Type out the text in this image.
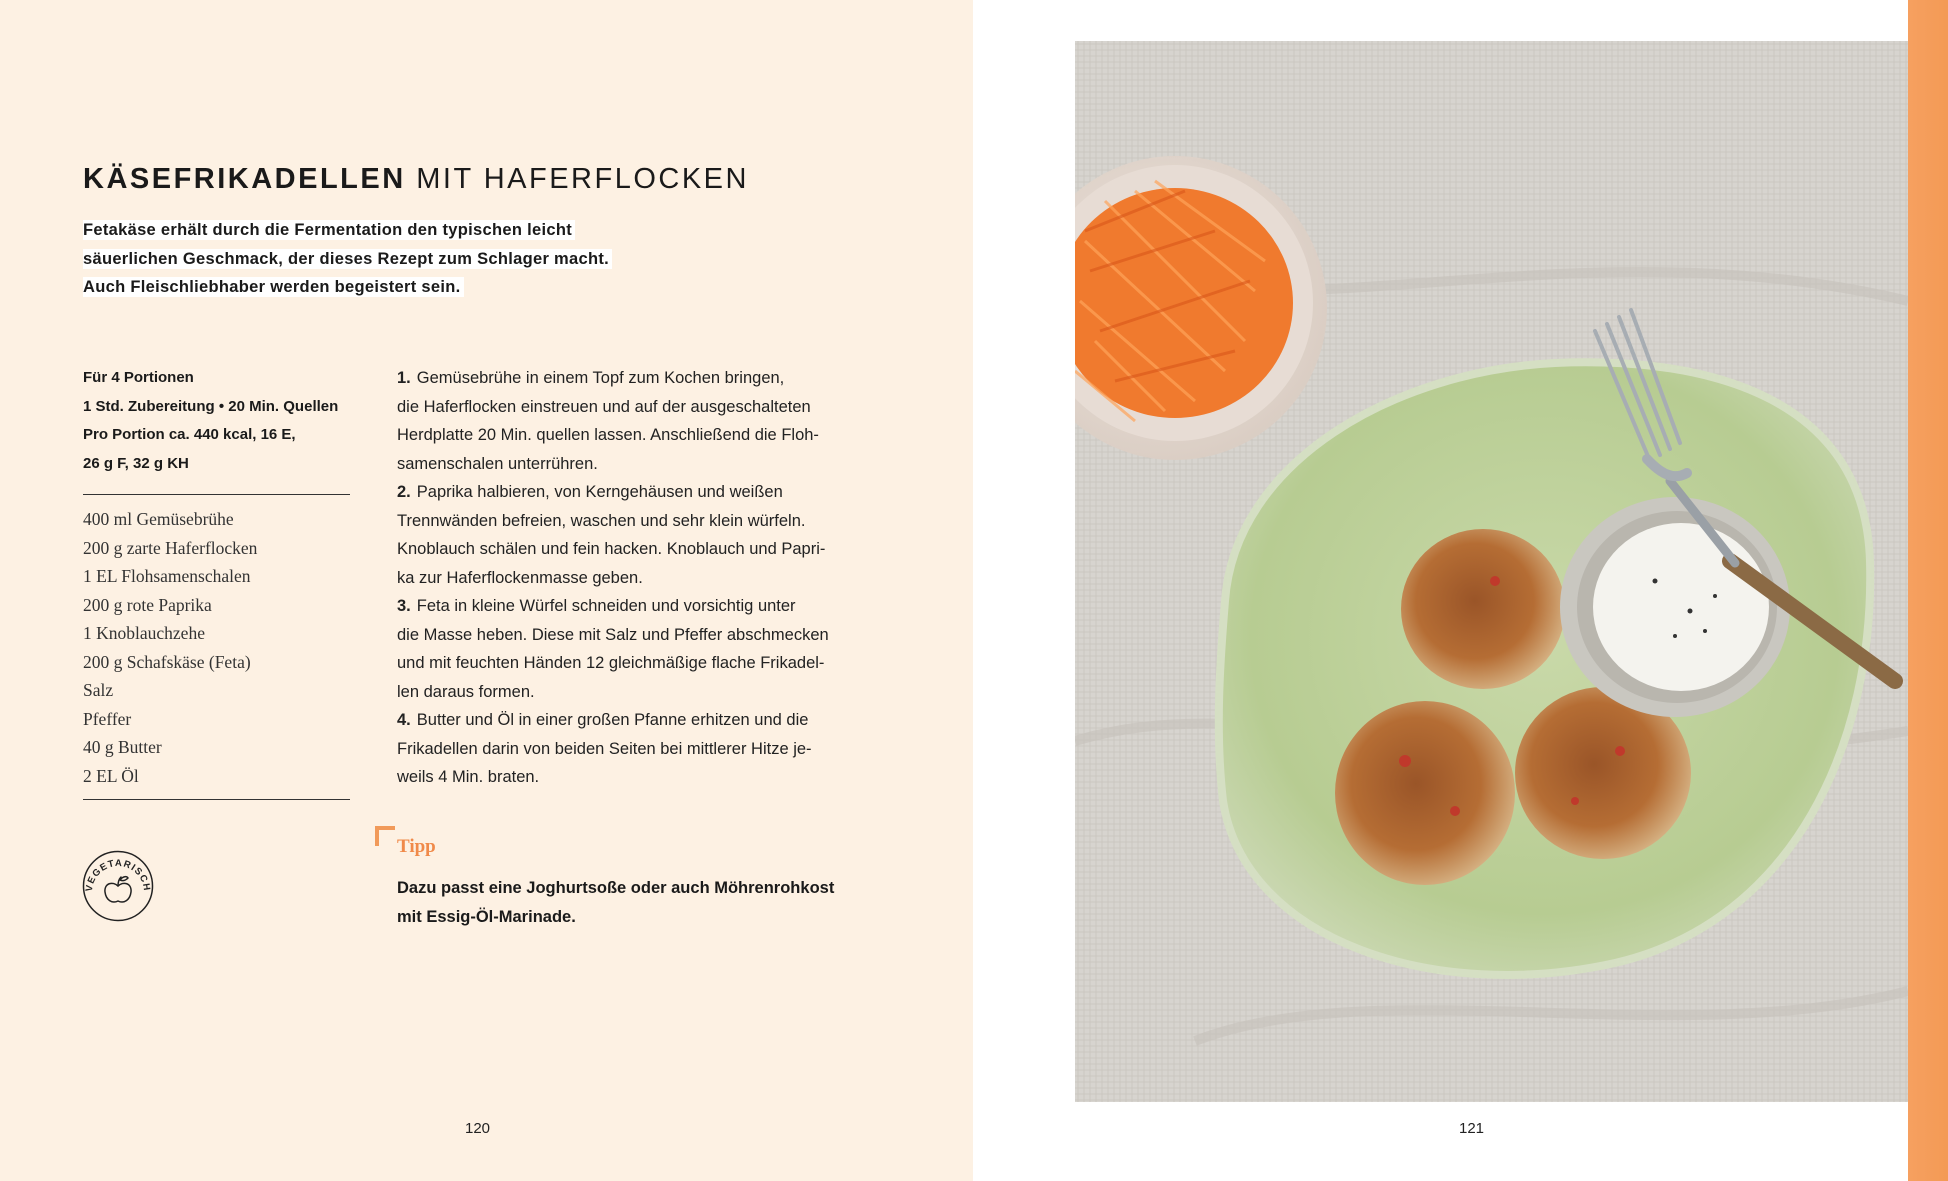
KÄSEFRIKADELLEN MIT HAFERFLOCKEN
Fetakäse erhält durch die Fermentation den typischen leicht
säuerlichen Geschmack, der dieses Rezept zum Schlager macht.
Auch Fleischliebhaber werden begeistert sein.
Für 4 Portionen
1 Std. Zubereitung • 20 Min. Quellen
Pro Portion ca. 440 kcal, 16 E,
26 g F, 32 g KH
400 ml Gemüsebrühe
200 g zarte Haferflocken
1 EL Flohsamenschalen
200 g rote Paprika
1 Knoblauchzehe
200 g Schafskäse (Feta)
Salz
Pfeffer
40 g Butter
2 EL Öl

1. Gemüsebrühe in einem Topf zum Kochen bringen,
die Haferflocken einstreuen und auf der ausgeschalteten
Herdplatte 20 Min. quellen lassen. Anschließend die Floh-
samenschalen unterrühren.

2. Paprika halbieren, von Kerngehäusen und weißen
Trennwänden befreien, waschen und sehr klein würfeln.
Knoblauch schälen und fein hacken. Knoblauch und Papri-
ka zur Haferflockenmasse geben.

3. Feta in kleine Würfel schneiden und vorsichtig unter
die Masse heben. Diese mit Salz und Pfeffer abschmecken
und mit feuchten Händen 12 gleichmäßige flache Frikadel-
len daraus formen.

4. Butter und Öl in einer großen Pfanne erhitzen und die
Frikadellen darin von beiden Seiten bei mittlerer Hitze je-
weils 4 Min. braten.

Tipp
Dazu passt eine Joghurtsoße oder auch Möhrenrohkost
mit Essig-Öl-Marinade.
VEGETARISCH
120	121
